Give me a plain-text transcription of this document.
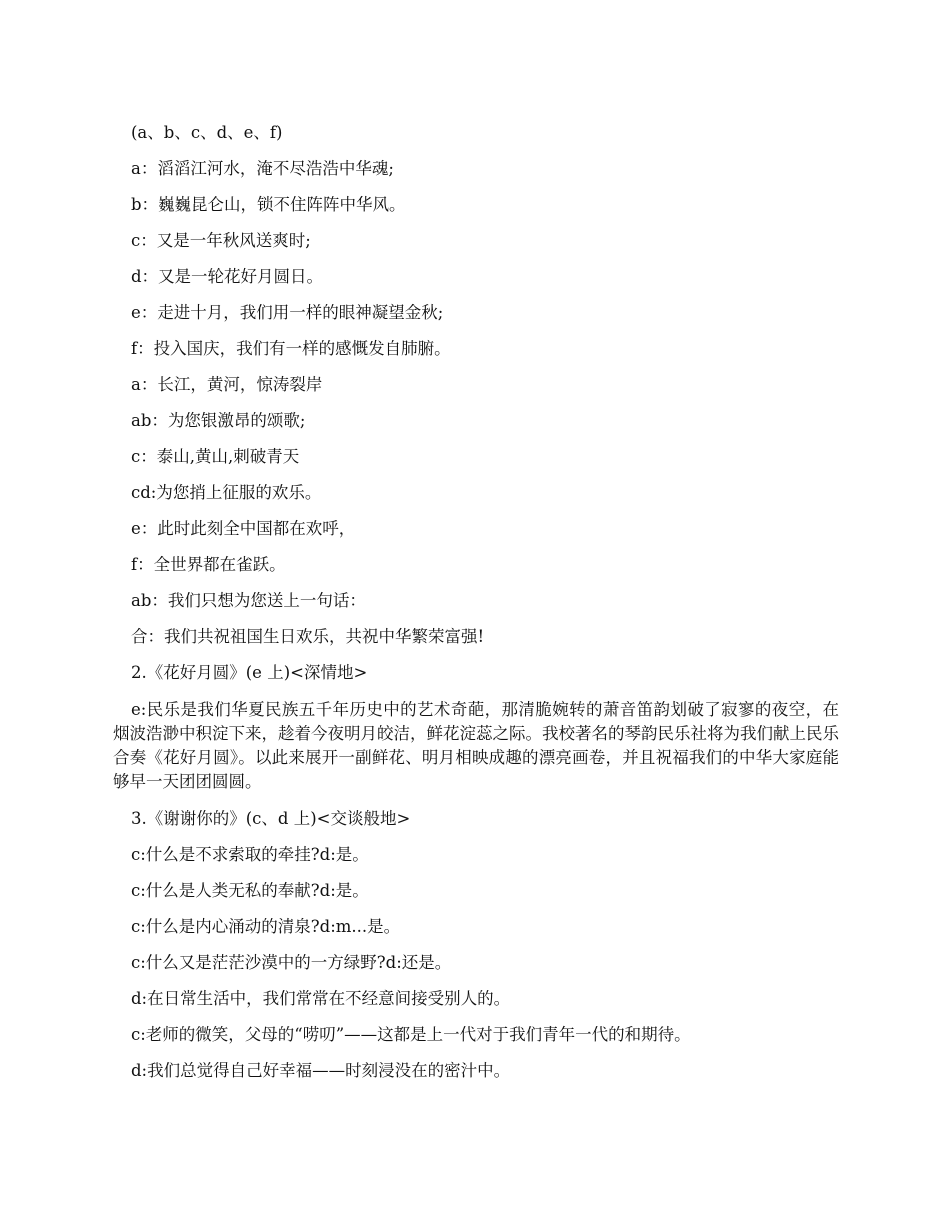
(a、b、c、d、e、f)

a：滔滔江河水，淹不尽浩浩中华魂;

b：巍巍昆仑山，锁不住阵阵中华风。

c：又是一年秋风送爽时;

d：又是一轮花好月圆日。

e：走进十月，我们用一样的眼神凝望金秋;

f：投入国庆，我们有一样的感慨发自肺腑。

a：长江，黄河，惊涛裂岸

ab：为您银激昂的颂歌;

c：泰山,黄山,刺破青天

cd:为您捎上征服的欢乐。

e：此时此刻全中国都在欢呼，

f：全世界都在雀跃。

ab：我们只想为您送上一句话：

合：我们共祝祖国生日欢乐，共祝中华繁荣富强!

2.《花好月圆》(e 上)<深情地>

e:民乐是我们华夏民族五千年历史中的艺术奇葩，那清脆婉转的萧音笛韵划破了寂寥的夜空，在烟波浩渺中积淀下来，趁着今夜明月皎洁，鲜花淀蕊之际。我校著名的琴韵民乐社将为我们献上民乐合奏《花好月圆》。以此来展开一副鲜花、明月相映成趣的漂亮画卷，并且祝福我们的中华大家庭能够早一天团团圆圆。

3.《谢谢你的》(c、d 上)<交谈般地>

c:什么是不求索取的牵挂?d:是。

c:什么是人类无私的奉献?d:是。

c:什么是内心涌动的清泉?d:m...是。

c:什么又是茫茫沙漠中的一方绿野?d:还是。

d:在日常生活中，我们常常在不经意间接受别人的。

c:老师的微笑，父母的“唠叨”——这都是上一代对于我们青年一代的和期待。

d:我们总觉得自己好幸福——时刻浸没在的密汁中。
